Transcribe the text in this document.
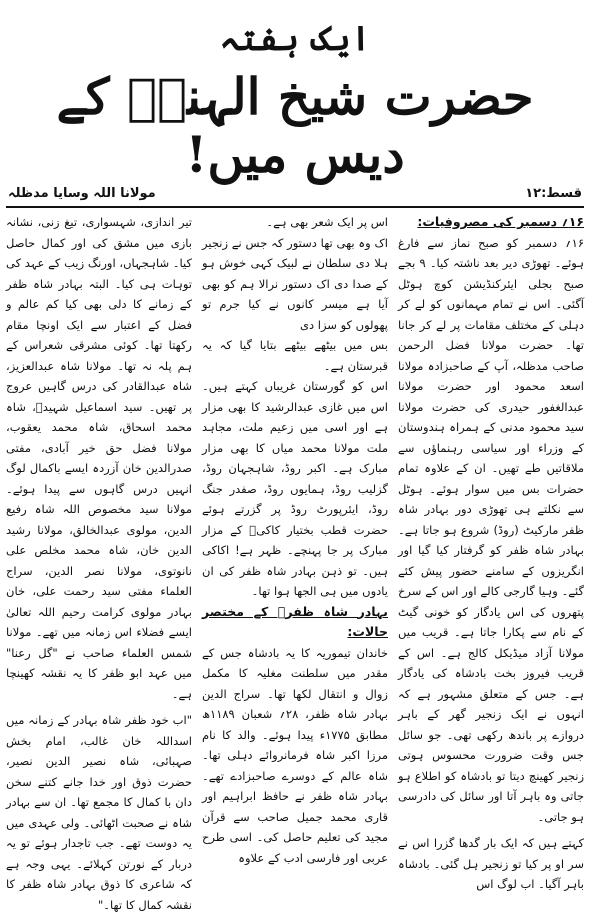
ایک ہفتہ
حضرت شیخ الہندؒ کے دیس میں!
مولانا اللہ وسایا مدظلہ	قسط:۱۲

۱۶؍ دسمبر کی مصروفیات:

۱۶؍ دسمبر کو صبح نماز سے فارغ ہوئے۔ تھوڑی دیر بعد ناشتہ کیا۔ ۹ بجے صبح بجلی ایئرکنڈیشن کوچ ہوٹل آگئی۔ اس نے تمام مہمانوں کو لے کر دہلی کے مختلف مقامات پر لے کر جانا تھا۔ حضرت مولانا فضل الرحمن صاحب مدظلہ، آپ کے صاحبزادہ مولانا اسعد محمود اور حضرت مولانا عبدالغفور حیدری کی حضرت مولانا سید محمود مدنی کے ہمراہ ہندوستان کے وزراء اور سیاسی رہنماؤں سے ملاقاتیں طے تھیں۔ ان کے علاوہ تمام حضرات بس میں سوار ہوئے۔ ہوٹل سے نکلتے ہی تھوڑی دور بہادر شاہ ظفر مارکیٹ (روڈ) شروع ہو جاتا ہے۔ بہادر شاہ ظفر کو گرفتار کیا گیا اور انگریزوں کے سامنے حضور پیش کئے گئے۔ وہیا گارجی کالے اور اس کے سرخ پتھروں کی اس یادگار کو خونی گیٹ کے نام سے پکارا جاتا ہے۔ قریب میں مولانا آزاد میڈیکل کالج ہے۔ اس کے قریب فیروز بخت بادشاہ کی یادگار ہے۔ جس کے متعلق مشہور ہے کہ انہوں نے ایک زنجیر گھر کے باہر دروازے پر باندھ رکھی تھی۔ جو سائل جس وقت ضرورت محسوس ہوتی زنجیر کھینچ دیتا تو بادشاہ کو اطلاع ہو جاتی وہ باہر آتا اور سائل کی دادرسی ہو جاتی۔

کہتے ہیں کہ ایک بار گدھا گزرا اس نے سر او پر کیا تو زنجیر ہل گئی۔ بادشاہ باہر آگیا۔ اب لوگ اس

اس پر ایک شعر بھی ہے۔

اک وہ بھی تھا دستور کہ جس نے زنجیر ہلا دی سلطان نے لبیک کہی خوش ہو کے صدا دی اک دستور نرالا ہم کو بھی آیا ہے میسر کانوں نے کیا جرم تو پھولوں کو سزا دی

بس میں بیٹھے بیٹھے بتایا گیا کہ یہ قبرستان ہے۔

اس کو گورستان غریباں کہتے ہیں۔ اس میں غازی عبدالرشید کا بھی مزار ہے اور اسی میں زعیم ملت، مجاہد ملت مولانا محمد میاں کا بھی مزار مبارک ہے۔ اکبر روڈ، شاہجہان روڈ، گزلیب روڈ، ہمایوں روڈ، صفدر جنگ روڈ، ایئرپورٹ روڈ پر گزرتے ہوئے حضرت قطب بختیار کاکیؒ کے مزار مبارک پر جا پہنچے۔ ظہر ہے! اکاکی ہیں۔ تو ذہن بہادر شاہ ظفر کی ان یادوں میں ہی الجھا ہوا تھا۔

بہادر شاہ ظفرؒ کے مختصر حالات:

خاندان تیموریہ کا یہ بادشاہ جس کے مقدر میں سلطنت مغلیہ کا مکمل زوال و انتقال لکھا تھا۔ سراج الدین بہادر شاہ ظفر، ۲۸؍ شعبان ۱۱۸۹ھ مطابق ۱۷۷۵ء پیدا ہوئے۔ والد کا نام مرزا اکبر شاہ فرمانروائے دہلی تھا۔ شاہ عالم کے دوسرے صاحبزادے تھے۔ بہادر شاہ ظفر نے حافظ ابراہیم اور قاری محمد جمیل صاحب سے قرآن مجید کی تعلیم حاصل کی۔ اسی طرح عربی اور فارسی ادب کے علاوہ

تیر اندازی، شہسواری، تیغ زنی، نشانہ بازی میں مشق کی اور کمال حاصل کیا۔ شاہجہاں، اورنگ زیب کے عہد کی توہات ہی کیا۔ البتہ بہادر شاہ ظفر کے زمانے کا دلی بھی کیا کم عالم و فضل کے اعتبار سے ایک اونچا مقام رکھتا تھا۔ کوئی مشرقی شعراس کے ہم پلہ نہ تھا۔ مولانا شاہ عبدالعزیز، شاہ عبدالقادر کی درس گاہیں عروج پر تھیں۔ سید اسماعیل شہیدؒ، شاہ محمد اسحاق، شاہ محمد یعقوب، مولانا فضل حق خیر آبادی، مفتی صدرالدین خان آزردہ ایسے باکمال لوگ انہیں درس گاہوں سے پیدا ہوئے۔ مولانا سید مخصوص اللہ شاہ رفیع الدین، مولوی عبدالخالق، مولانا رشید الدین خان، شاہ محمد مخلص علی نانوتوی، مولانا نصر الدین، سراج العلماء مفتی سید رحمت علی، خان بہادر مولوی کرامت رحیم اللہ تعالیٰ ایسے فضلاء اس زمانہ میں تھے۔ مولانا شمس العلماء صاحب نے "گل رعنا" میں عہد ابو ظفر کا یہ نقشہ کھینچا ہے۔

"اب خود ظفر شاہ بہادر کے زمانہ میں اسداللہ خان غالب، امام بخش صہبائی، شاہ نصیر الدین نصیر، حضرت ذوق اور خدا جانے کتنے سخن دان با کمال کا مجمع تھا۔ ان سے بہادر شاہ نے صحبت اٹھائی۔ ولی عہدی میں یہ دوست تھے۔ جب تاجدار ہوئے تو یہ دربار کے نورتن کہلائے۔ یہی وجہ ہے کہ شاعری کا ذوق بہادر شاہ ظفر کا نقشہ کمال کا تھا۔"
